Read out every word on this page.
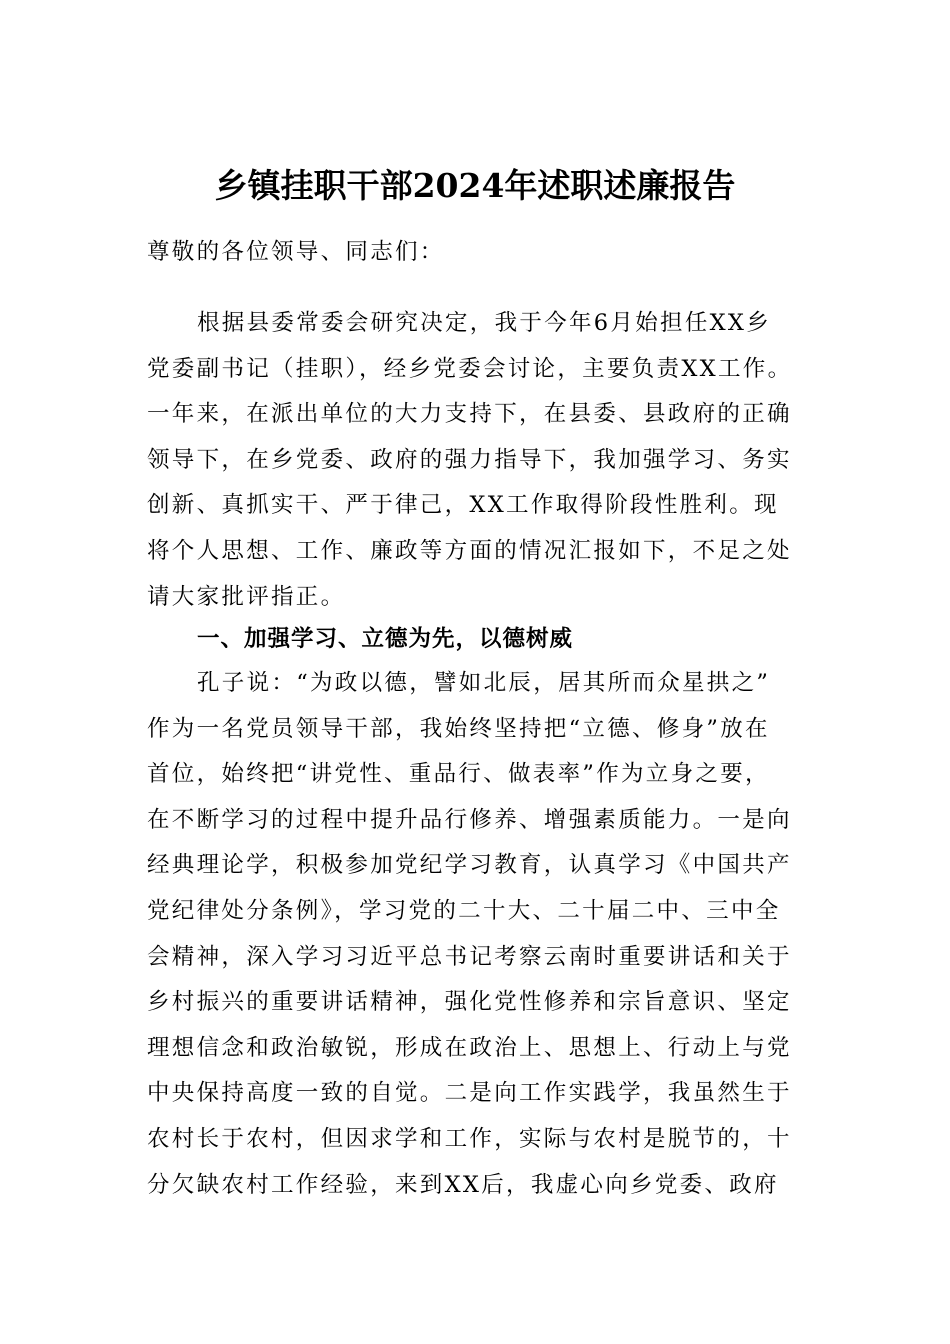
乡镇挂职干部2024年述职述廉报告

尊敬的各位领导、同志们：

根据县委常委会研究决定，我于今年6月始担任XX乡
党委副书记（挂职），经乡党委会讨论，主要负责XX工作。
一年来，在派出单位的大力支持下，在县委、县政府的正确
领导下，在乡党委、政府的强力指导下，我加强学习、务实
创新、真抓实干、严于律己，XX工作取得阶段性胜利。现
将个人思想、工作、廉政等方面的情况汇报如下，不足之处
请大家批评指正。
一、加强学习、立德为先，以德树威
孔子说：“为政以德，譬如北辰，居其所而众星拱之”
作为一名党员领导干部，我始终坚持把“立德、修身”放在
首位，始终把“讲党性、重品行、做表率”作为立身之要，
在不断学习的过程中提升品行修养、增强素质能力。一是向
经典理论学，积极参加党纪学习教育，认真学习《中国共产
党纪律处分条例》，学习党的二十大、二十届二中、三中全
会精神，深入学习习近平总书记考察云南时重要讲话和关于
乡村振兴的重要讲话精神，强化党性修养和宗旨意识、坚定
理想信念和政治敏锐，形成在政治上、思想上、行动上与党
中央保持高度一致的自觉。二是向工作实践学，我虽然生于
农村长于农村，但因求学和工作，实际与农村是脱节的，十
分欠缺农村工作经验，来到XX后，我虚心向乡党委、政府
